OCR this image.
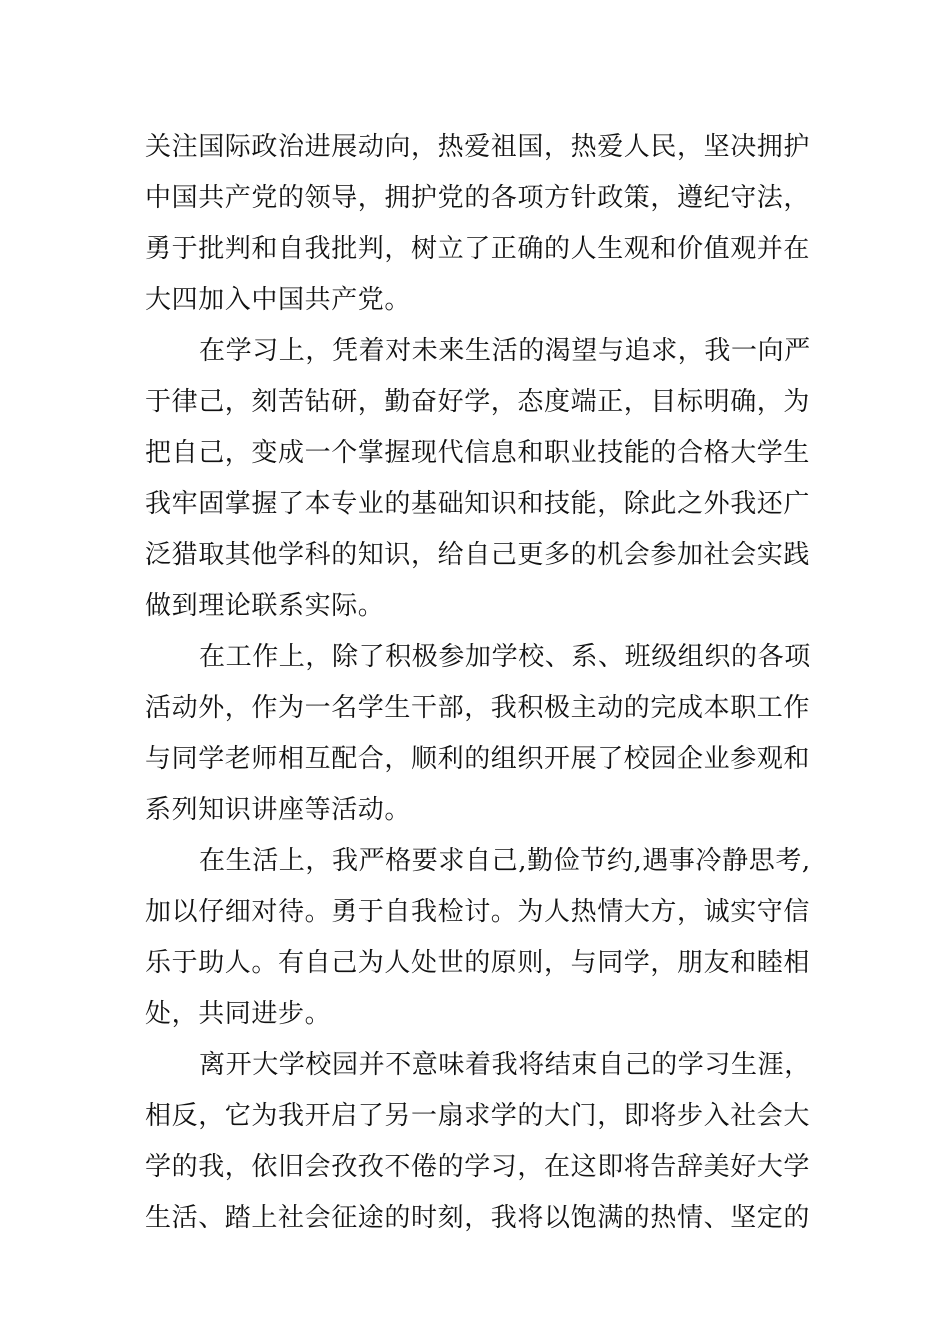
关注国际政治进展动向，热爱祖国，热爱人民，坚决拥护
中国共产党的领导，拥护党的各项方针政策，遵纪守法，
勇于批判和自我批判，树立了正确的人生观和价值观并在
大四加入中国共产党。
在学习上，凭着对未来生活的渴望与追求，我一向严
于律己，刻苦钻研，勤奋好学，态度端正，目标明确，为
把自己，变成一个掌握现代信息和职业技能的合格大学生
我牢固掌握了本专业的基础知识和技能，除此之外我还广
泛猎取其他学科的知识，给自己更多的机会参加社会实践
做到理论联系实际。
在工作上，除了积极参加学校、系、班级组织的各项
活动外，作为一名学生干部，我积极主动的完成本职工作
与同学老师相互配合，顺利的组织开展了校园企业参观和
系列知识讲座等活动。
在生活上，我严格要求自己,勤俭节约,遇事冷静思考,
加以仔细对待。勇于自我检讨。为人热情大方，诚实守信
乐于助人。有自己为人处世的原则，与同学，朋友和睦相
处，共同进步。
离开大学校园并不意味着我将结束自己的学习生涯，
相反，它为我开启了另一扇求学的大门，即将步入社会大
学的我，依旧会孜孜不倦的学习，在这即将告辞美好大学
生活、踏上社会征途的时刻，我将以饱满的热情、坚定的
